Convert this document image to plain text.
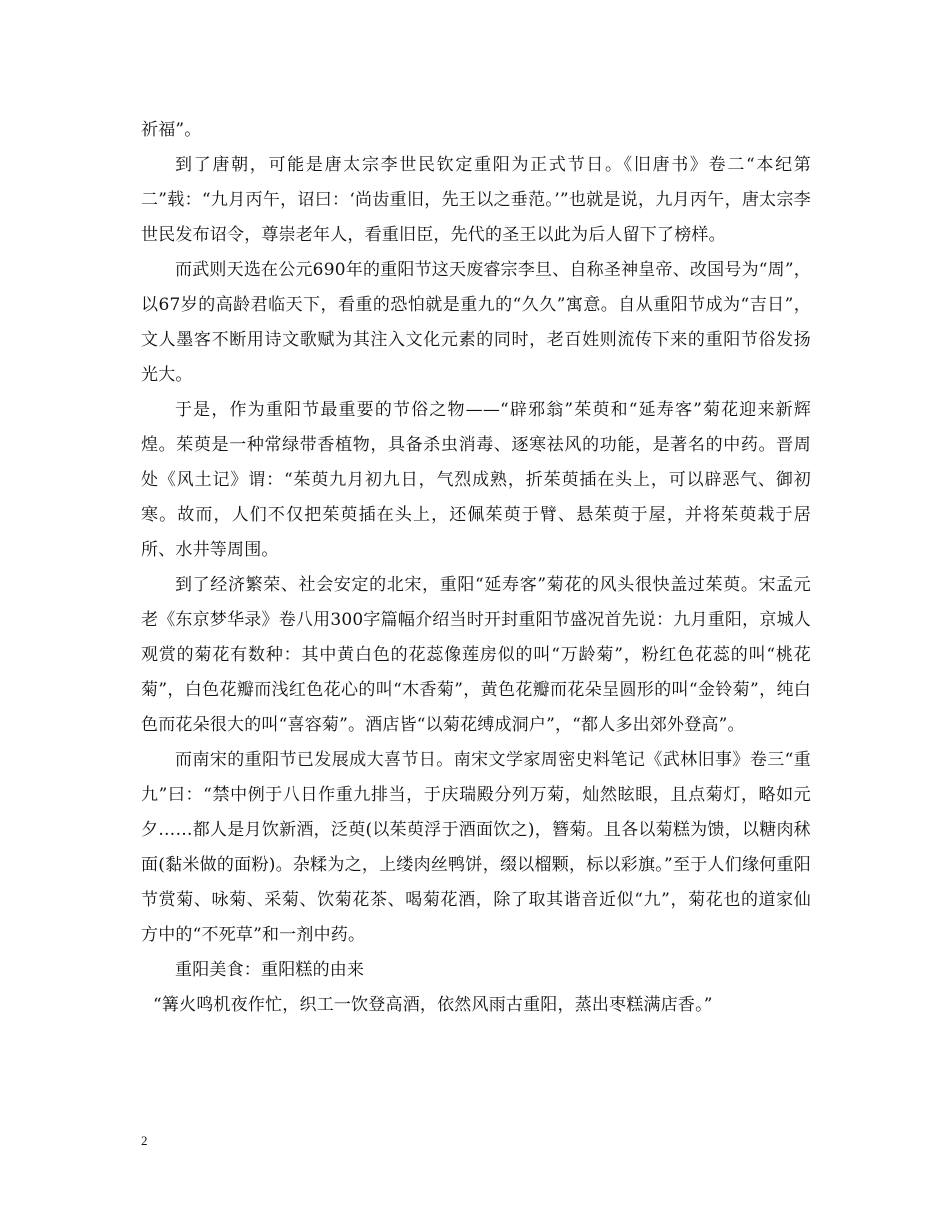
祈福”。

到了唐朝，可能是唐太宗李世民钦定重阳为正式节日。《旧唐书》卷二“本纪第二”载：“九月丙午，诏曰：‘尚齿重旧，先王以之垂范。’”也就是说，九月丙午，唐太宗李世民发布诏令，尊崇老年人，看重旧臣，先代的圣王以此为后人留下了榜样。

而武则天选在公元690年的重阳节这天废睿宗李旦、自称圣神皇帝、改国号为“周”，以67岁的高龄君临天下，看重的恐怕就是重九的“久久”寓意。自从重阳节成为“吉日”，文人墨客不断用诗文歌赋为其注入文化元素的同时，老百姓则流传下来的重阳节俗发扬光大。

于是，作为重阳节最重要的节俗之物——“辟邪翁”茱萸和“延寿客”菊花迎来新辉煌。茱萸是一种常绿带香植物，具备杀虫消毒、逐寒祛风的功能，是著名的中药。晋周处《风土记》谓：“茱萸九月初九日，气烈成熟，折茱萸插在头上，可以辟恶气、御初寒。故而，人们不仅把茱萸插在头上，还佩茱萸于臂、悬茱萸于屋，并将茱萸栽于居所、水井等周围。

到了经济繁荣、社会安定的北宋，重阳“延寿客”菊花的风头很快盖过茱萸。宋孟元老《东京梦华录》卷八用300字篇幅介绍当时开封重阳节盛况首先说：九月重阳，京城人观赏的菊花有数种：其中黄白色的花蕊像莲房似的叫“万龄菊”，粉红色花蕊的叫“桃花菊”，白色花瓣而浅红色花心的叫“木香菊”，黄色花瓣而花朵呈圆形的叫“金铃菊”，纯白色而花朵很大的叫“喜容菊”。酒店皆“以菊花缚成洞户”，“都人多出郊外登高”。

而南宋的重阳节已发展成大喜节日。南宋文学家周密史料笔记《武林旧事》卷三“重九”曰：“禁中例于八日作重九排当，于庆瑞殿分列万菊，灿然眩眼，且点菊灯，略如元夕……都人是月饮新酒，泛萸(以茱萸浮于酒面饮之)，簪菊。且各以菊糕为馈，以糖肉秫面(黏米做的面粉)。杂糅为之，上缕肉丝鸭饼，缀以榴颗，标以彩旗。”至于人们缘何重阳节赏菊、咏菊、采菊、饮菊花茶、喝菊花酒，除了取其谐音近似“九”，菊花也的道家仙方中的“不死草”和一剂中药。

重阳美食：重阳糕的由来

“篝火鸣机夜作忙，织工一饮登高酒，依然风雨古重阳，蒸出枣糕满店香。”

2
